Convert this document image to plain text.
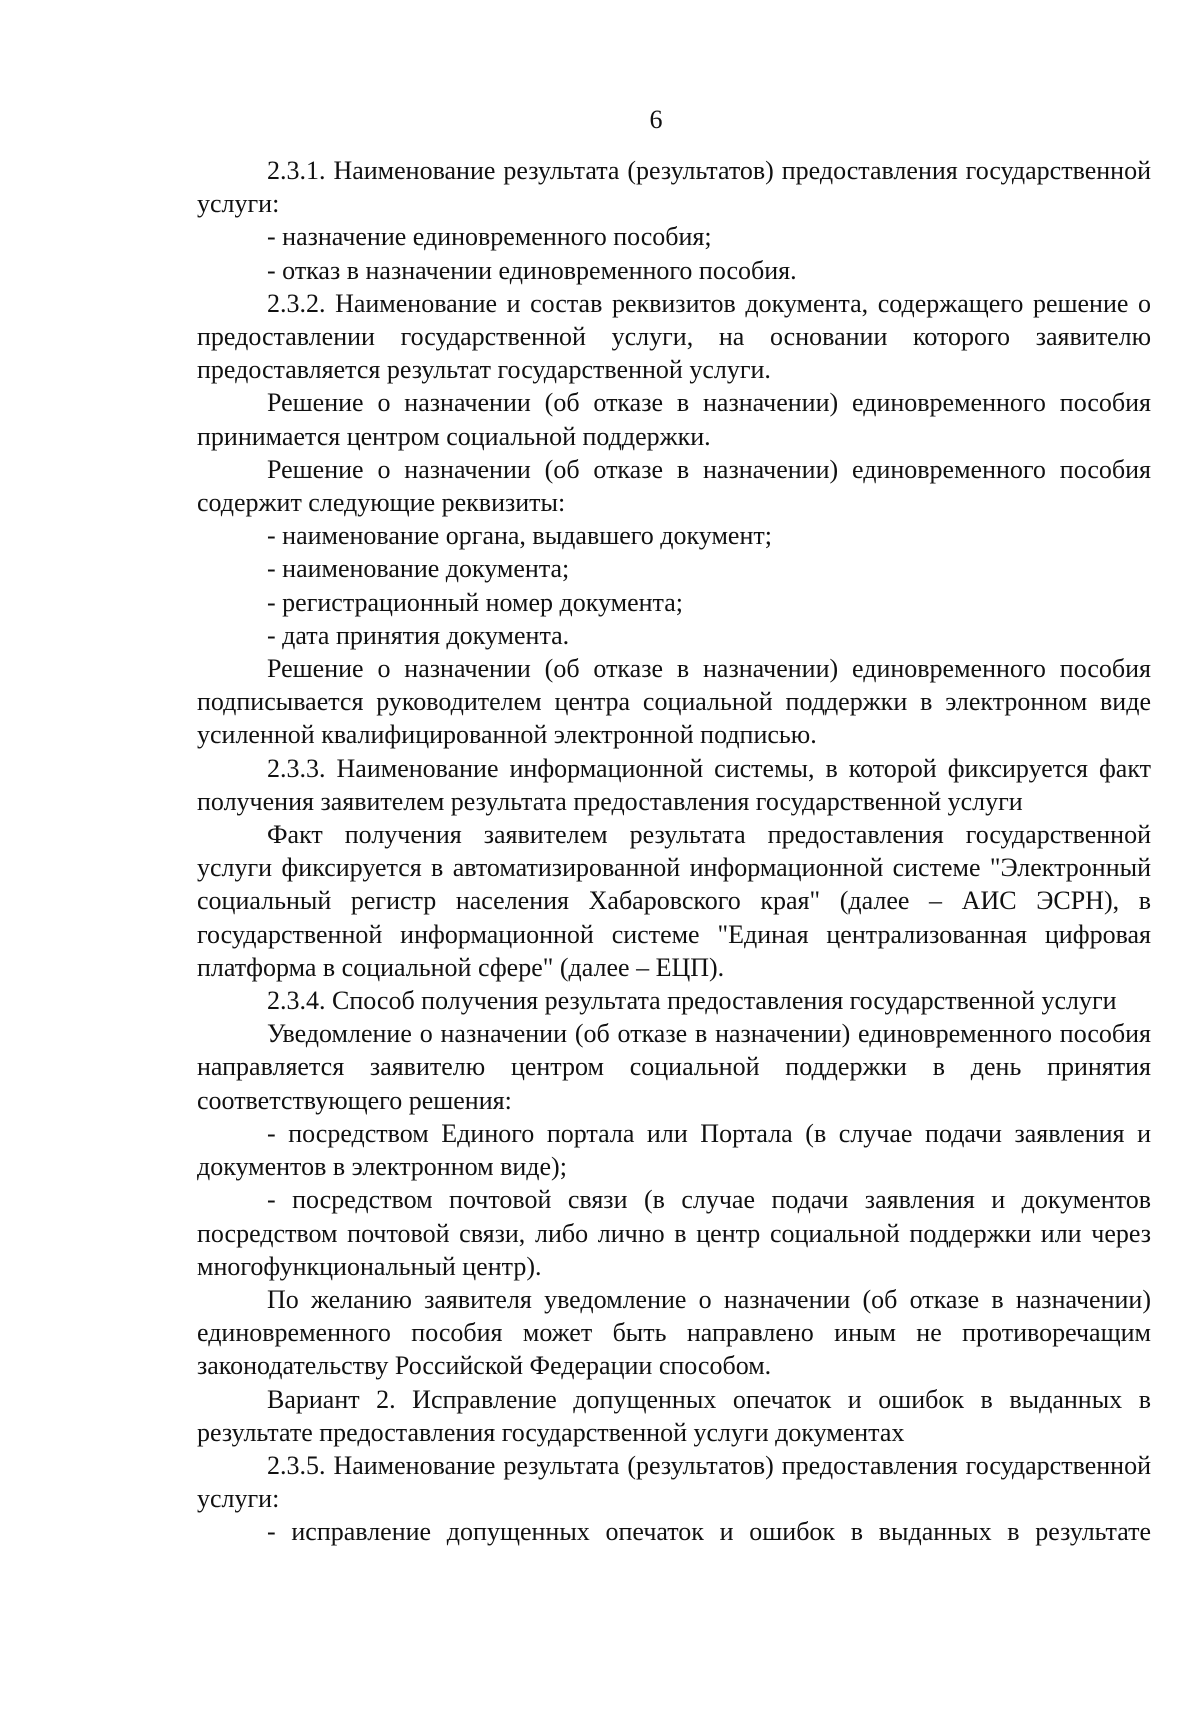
6

2.3.1. Наименование результата (результатов) предоставления государственной услуги:

- назначение единовременного пособия;

- отказ в назначении единовременного пособия.

2.3.2. Наименование и состав реквизитов документа, содержащего решение о предоставлении государственной услуги, на основании которого заявителю предоставляется результат государственной услуги.

Решение о назначении (об отказе в назначении) единовременного пособия принимается центром социальной поддержки.

Решение о назначении (об отказе в назначении) единовременного пособия содержит следующие реквизиты:

- наименование органа, выдавшего документ;

- наименование документа;

- регистрационный номер документа;

- дата принятия документа.

Решение о назначении (об отказе в назначении) единовременного пособия подписывается руководителем центра социальной поддержки в электронном виде усиленной квалифицированной электронной подписью.

2.3.3. Наименование информационной системы, в которой фиксируется факт получения заявителем результата предоставления государственной услуги

Факт получения заявителем результата предоставления государственной услуги фиксируется в автоматизированной информационной системе "Электронный социальный регистр населения Хабаровского края" (далее – АИС ЭСРН), в государственной информационной системе "Единая централизованная цифровая платформа в социальной сфере" (далее – ЕЦП).

2.3.4. Способ получения результата предоставления государственной услуги

Уведомление о назначении (об отказе в назначении) единовременного пособия направляется заявителю центром социальной поддержки в день принятия соответствующего решения:

- посредством Единого портала или Портала (в случае подачи заявления и документов в электронном виде);

- посредством почтовой связи (в случае подачи заявления и документов посредством почтовой связи, либо лично в центр социальной поддержки или через многофункциональный центр).

По желанию заявителя уведомление о назначении (об отказе в назначении) единовременного пособия может быть направлено иным не противоречащим законодательству Российской Федерации способом.

Вариант 2. Исправление допущенных опечаток и ошибок в выданных в результате предоставления государственной услуги документах

2.3.5. Наименование результата (результатов) предоставления государственной услуги:

- исправление допущенных опечаток и ошибок в выданных в результате
